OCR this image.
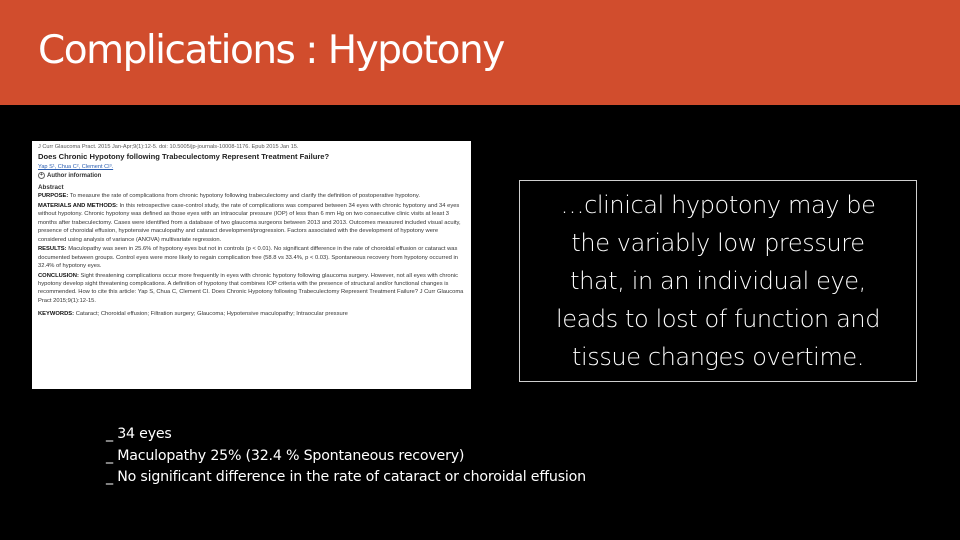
Complications : Hypotony
J Curr Glaucoma Pract. 2015 Jan-Apr;9(1):12-5. doi: 10.5005/jp-journals-10008-1176. Epub 2015 Jan 15.
Does Chronic Hypotony following Trabeculectomy Represent Treatment Failure?
Yap S¹, Chua C², Clement CI³.
+ Author information
Abstract

PURPOSE: To measure the rate of complications from chronic hypotony following trabeculectomy and clarify the definition of postoperative hypotony.

MATERIALS AND METHODS: In this retrospective case-control study, the rate of complications was compared between 34 eyes with chronic hypotony and 34 eyes without hypotony. Chronic hypotony was defined as those eyes with an intraocular pressure (IOP) of less than 6 mm Hg on two consecutive clinic visits at least 3 months after trabeculectomy. Cases were identified from a database of two glaucoma surgeons between 2013 and 2013. Outcomes measured included visual acuity, presence of choroidal effusion, hypotensive maculopathy and cataract development/progression. Factors associated with the development of hypotony were considered using analysis of variance (ANOVA) multivariate regression.

RESULTS: Maculopathy was seen in 25.6% of hypotony eyes but not in controls (p < 0.01). No significant difference in the rate of choroidal effusion or cataract was documented between groups. Control eyes were more likely to regain complication free (58.8 vs 33.4%, p < 0.03). Spontaneous recovery from hypotony occurred in 32.4% of hypotony eyes.

CONCLUSION: Sight threatening complications occur more frequently in eyes with chronic hypotony following glaucoma surgery. However, not all eyes with chronic hypotony develop sight threatening complications. A definition of hypotony that combines IOP criteria with the presence of structural and/or functional changes is recommended. How to cite this article: Yap S, Chua C, Clement CI. Does Chronic Hypotony following Trabeculectomy Represent Treatment Failure? J Curr Glaucoma Pract 2015;9(1):12-15.

KEYWORDS: Cataract; Choroidal effusion; Filtration surgery; Glaucoma; Hypotensive maculopathy; Intraocular pressure

…clinical hypotony may be
the variably low pressure
that, in an individual eye,
leads to lost of function and
tissue changes overtime.
_ 34 eyes
_ Maculopathy 25% (32.4 % Spontaneous recovery)
_ No significant difference in the rate of cataract or choroidal effusion
